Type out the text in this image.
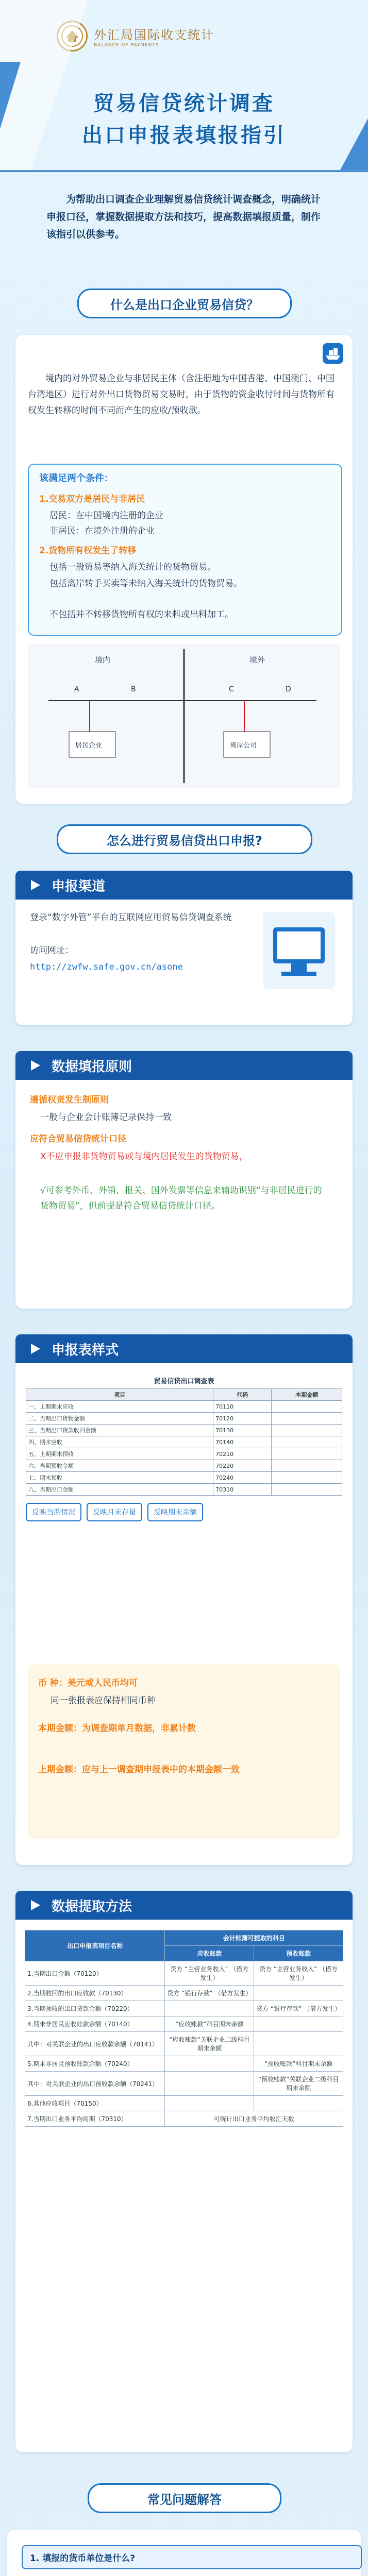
外汇局国际收支统计
BALANCE OF PAYMENTS
贸易信贷统计调查
出口申报表填报指引
为帮助出口调查企业理解贸易信贷统计调查概念，明确统计申报口径，掌握数据提取方法和技巧，提高数据填报质量，制作该指引以供参考。
什么是出口企业贸易信贷？
境内的对外贸易企业与非居民主体（含注册地为中国香港、中国澳门、中国台湾地区）进行对外出口货物贸易交易时，由于货物的资金收付时间与货物所有权发生转移的时间不同而产生的应收/预收款。
该满足两个条件：
1.交易双方是居民与非居民
居民：在中国境内注册的企业
非居民：在境外注册的企业
2.货物所有权发生了转移
包括一般贸易等纳入海关统计的货物贸易。
包括离岸转手买卖等未纳入海关统计的货物贸易。
不包括并不转移货物所有权的来料或出料加工。
境内	境外
A	B	C	D
居民企业	离岸公司
怎么进行贸易信贷出口申报?
申报渠道
登录“数字外管”平台的互联网应用贸易信贷调查系统
访问网址：
http://zwfw.safe.gov.cn/asone
数据填报原则
遵循权责发生制原则
一般与企业会计账簿记录保持一致
应符合贸易信贷统计口径
X不应申报非货物贸易或与境内居民发生的货物贸易，
√可参考外币、外销、报关、国外发票等信息来辅助识别“与非居民进行的货物贸易”，但前提是符合贸易信贷统计口径。
申报表样式
贸易信贷出口调查表
项目	代码	本期金额
一、上期期末应收	70110	
二、当期出口货物金额	70120	
三、当期出口货款收回金额	70130	
四、期末应收	70140	
五、上期期末预收	70210	
六、当期预收金额	70220	
七、期末预收	70240	
八、当期出口金额	70310	
反映当期情况	反映月末存量	反映期末余额
币 种：美元或人民币均可
同一张报表应保持相同币种
本期金额：为调查期单月数据，非累计数
上期金额：应与上一调查期申报表中的本期金额一致
数据提取方法
出口申报表项目名称	会计账簿可提取的科目	
	应收账款	预收账款
1.当期出口金额（70120）	贷方 “主营业务收入” （借方发生）	贷方 “主营业务收入” （借方发生）
2.当期收回的出口应收款（70130）	贷方 “银行存款” （借方发生）	
3.当期预收的出口贷款金额（70220）		贷方 “银行存款” （借方发生）
4.期末非居民应收账款余额（70140）	“应收账款”科目期末余额	
其中：对关联企业的出口应收款余额（70141）	“应收账款”关联企业二级科目期末余额	
5.期末非居民预收账款余额（70240）		“预收账款”科目期末余额
其中：对关联企业的出口预收款余额（70241）		“预收账款”关联企业二级科目期末余额
6.其他应收项目（70150）		
7.当期出口业务平均周期（70310）	可统计出口业务平均收汇天数	
常见问题解答
1. 填报的货币单位是什么?
